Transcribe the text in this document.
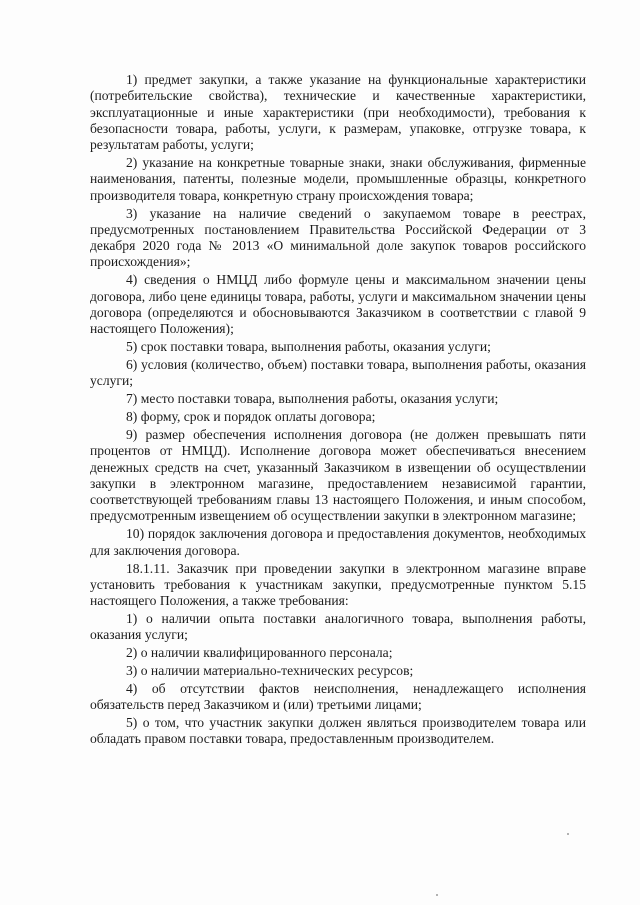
1) предмет закупки, а также указание на функциональные характеристики (потребительские свойства), технические и качественные характеристики, эксплуатационные и иные характеристики (при необходимости), требования к безопасности товара, работы, услуги, к размерам, упаковке, отгрузке товара, к результатам работы, услуги;

2) указание на конкретные товарные знаки, знаки обслуживания, фирменные наименования, патенты, полезные модели, промышленные образцы, конкретного производителя товара, конкретную страну происхождения товара;

3) указание на наличие сведений о закупаемом товаре в реестрах, предусмотренных постановлением Правительства Российской Федерации от 3 декабря 2020 года № 2013 «О минимальной доле закупок товаров российского происхождения»;

4) сведения о НМЦД либо формуле цены и максимальном значении цены договора, либо цене единицы товара, работы, услуги и максимальном значении цены договора (определяются и обосновываются Заказчиком в соответствии с главой 9 настоящего Положения);

5) срок поставки товара, выполнения работы, оказания услуги;

6) условия (количество, объем) поставки товара, выполнения работы, оказания услуги;

7) место поставки товара, выполнения работы, оказания услуги;

8) форму, срок и порядок оплаты договора;

9) размер обеспечения исполнения договора (не должен превышать пяти процентов от НМЦД). Исполнение договора может обеспечиваться внесением денежных средств на счет, указанный Заказчиком в извещении об осуществлении закупки в электронном магазине, предоставлением независимой гарантии, соответствующей требованиям главы 13 настоящего Положения, и иным способом, предусмотренным извещением об осуществлении закупки в электронном магазине;

10) порядок заключения договора и предоставления документов, необходимых для заключения договора.

18.1.11. Заказчик при проведении закупки в электронном магазине вправе установить требования к участникам закупки, предусмотренные пунктом 5.15 настоящего Положения, а также требования:

1) о наличии опыта поставки аналогичного товара, выполнения работы, оказания услуги;

2) о наличии квалифицированного персонала;

3) о наличии материально-технических ресурсов;

4) об отсутствии фактов неисполнения, ненадлежащего исполнения обязательств перед Заказчиком и (или) третьими лицами;

5) о том, что участник закупки должен являться производителем товара или обладать правом поставки товара, предоставленным производителем.
